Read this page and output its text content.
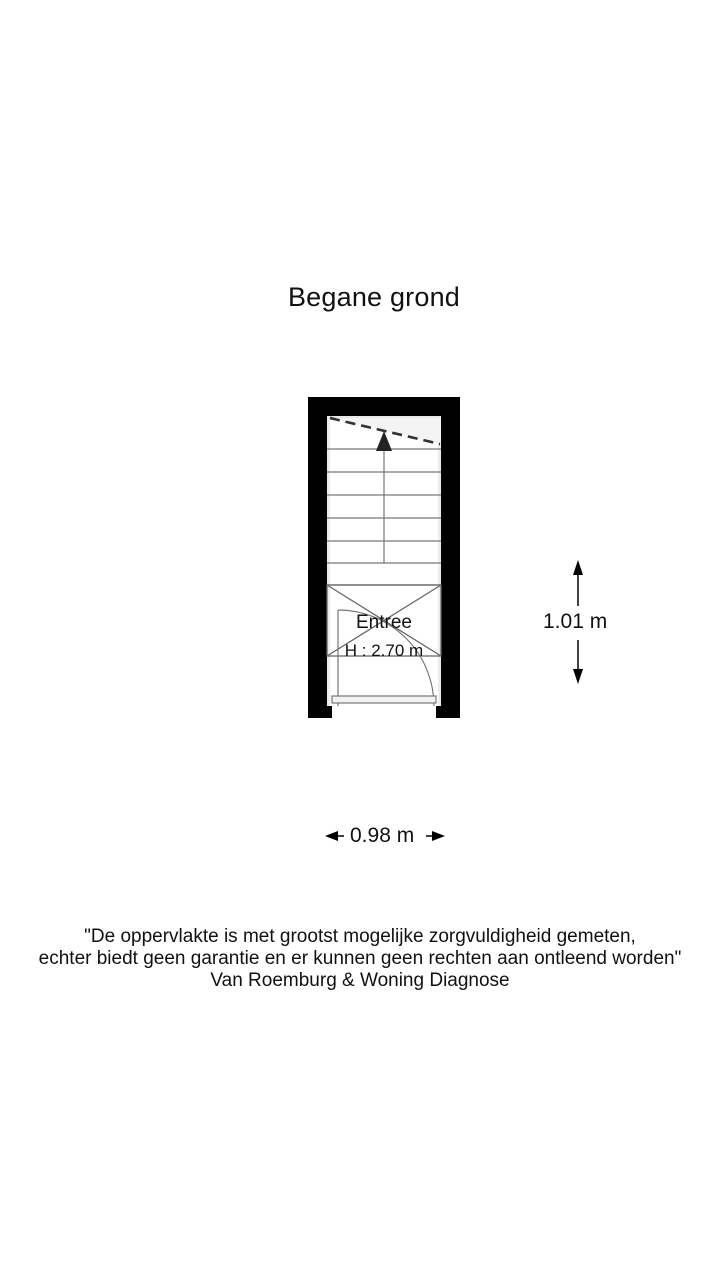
Begane grond
Entree
H : 2.70 m
1.01 m
0.98 m
"De oppervlakte is met grootst mogelijke zorgvuldigheid gemeten,
echter biedt geen garantie en er kunnen geen rechten aan ontleend worden"
Van Roemburg & Woning Diagnose
